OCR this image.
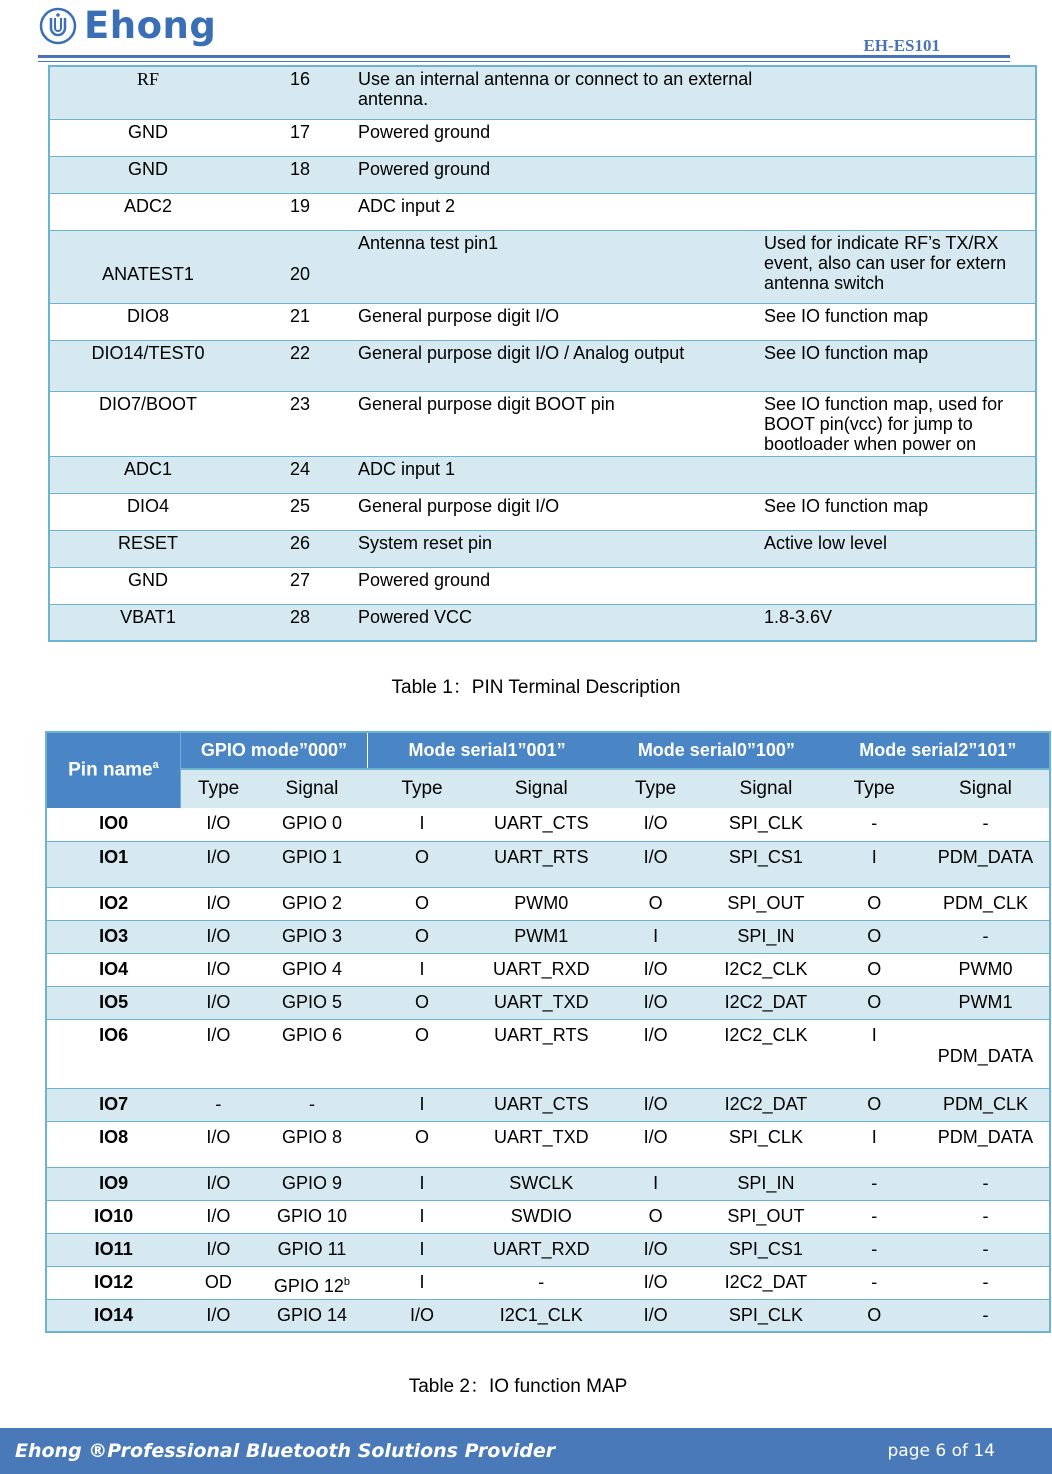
Ehong	EH-ES101
RF	16	Use an internal antenna or connect to an external antenna.	
GND	17	Powered ground	
GND	18	Powered ground	
ADC2	19	ADC input 2	
ANATEST1	20	Antenna test pin1	Used for indicate RF’s TX/RX event, also can user for extern antenna switch
DIO8	21	General purpose digit I/O	See IO function map
DIO14/TEST0	22	General purpose digit I/O / Analog output	See IO function map
DIO7/BOOT	23	General purpose digit BOOT pin	See IO function map, used for BOOT pin(vcc) for jump to bootloader when power on
ADC1	24	ADC input 1	
DIO4	25	General purpose digit I/O	See IO function map
RESET	26	System reset pin	Active low level
GND	27	Powered ground	
VBAT1	28	Powered VCC	1.8-3.6V
Table 1：PIN Terminal Description
Pin name$^a$	GPIO mode”000”		Mode serial1”001”		Mode serial0”100”		Mode serial2”101”	
	Type	Signal	Type	Signal	Type	Signal	Type	Signal
IO0	I/O	GPIO 0	I	UART_CTS	I/O	SPI_CLK	-	-
IO1	I/O	GPIO 1	O	UART_RTS	I/O	SPI_CS1	I	PDM_DATA
IO2	I/O	GPIO 2	O	PWM0	O	SPI_OUT	O	PDM_CLK
IO3	I/O	GPIO 3	O	PWM1	I	SPI_IN	O	-
IO4	I/O	GPIO 4	I	UART_RXD	I/O	I2C2_CLK	O	PWM0
IO5	I/O	GPIO 5	O	UART_TXD	I/O	I2C2_DAT	O	PWM1
IO6	I/O	GPIO 6	O	UART_RTS	I/O	I2C2_CLK	I	PDM_DATA
IO7	-	-	I	UART_CTS	I/O	I2C2_DAT	O	PDM_CLK
IO8	I/O	GPIO 8	O	UART_TXD	I/O	SPI_CLK	I	PDM_DATA
IO9	I/O	GPIO 9	I	SWCLK	I	SPI_IN	-	-
IO10	I/O	GPIO 10	I	SWDIO	O	SPI_OUT	-	-
IO11	I/O	GPIO 11	I	UART_RXD	I/O	SPI_CS1	-	-
IO12	OD	GPIO 12$^b$	I	-	I/O	I2C2_DAT	-	-
IO14	I/O	GPIO 14	I/O	I2C1_CLK	I/O	SPI_CLK	O	-
Table 2：IO function MAP
Ehong ®Professional Bluetooth Solutions Provider	page 6 of 14
